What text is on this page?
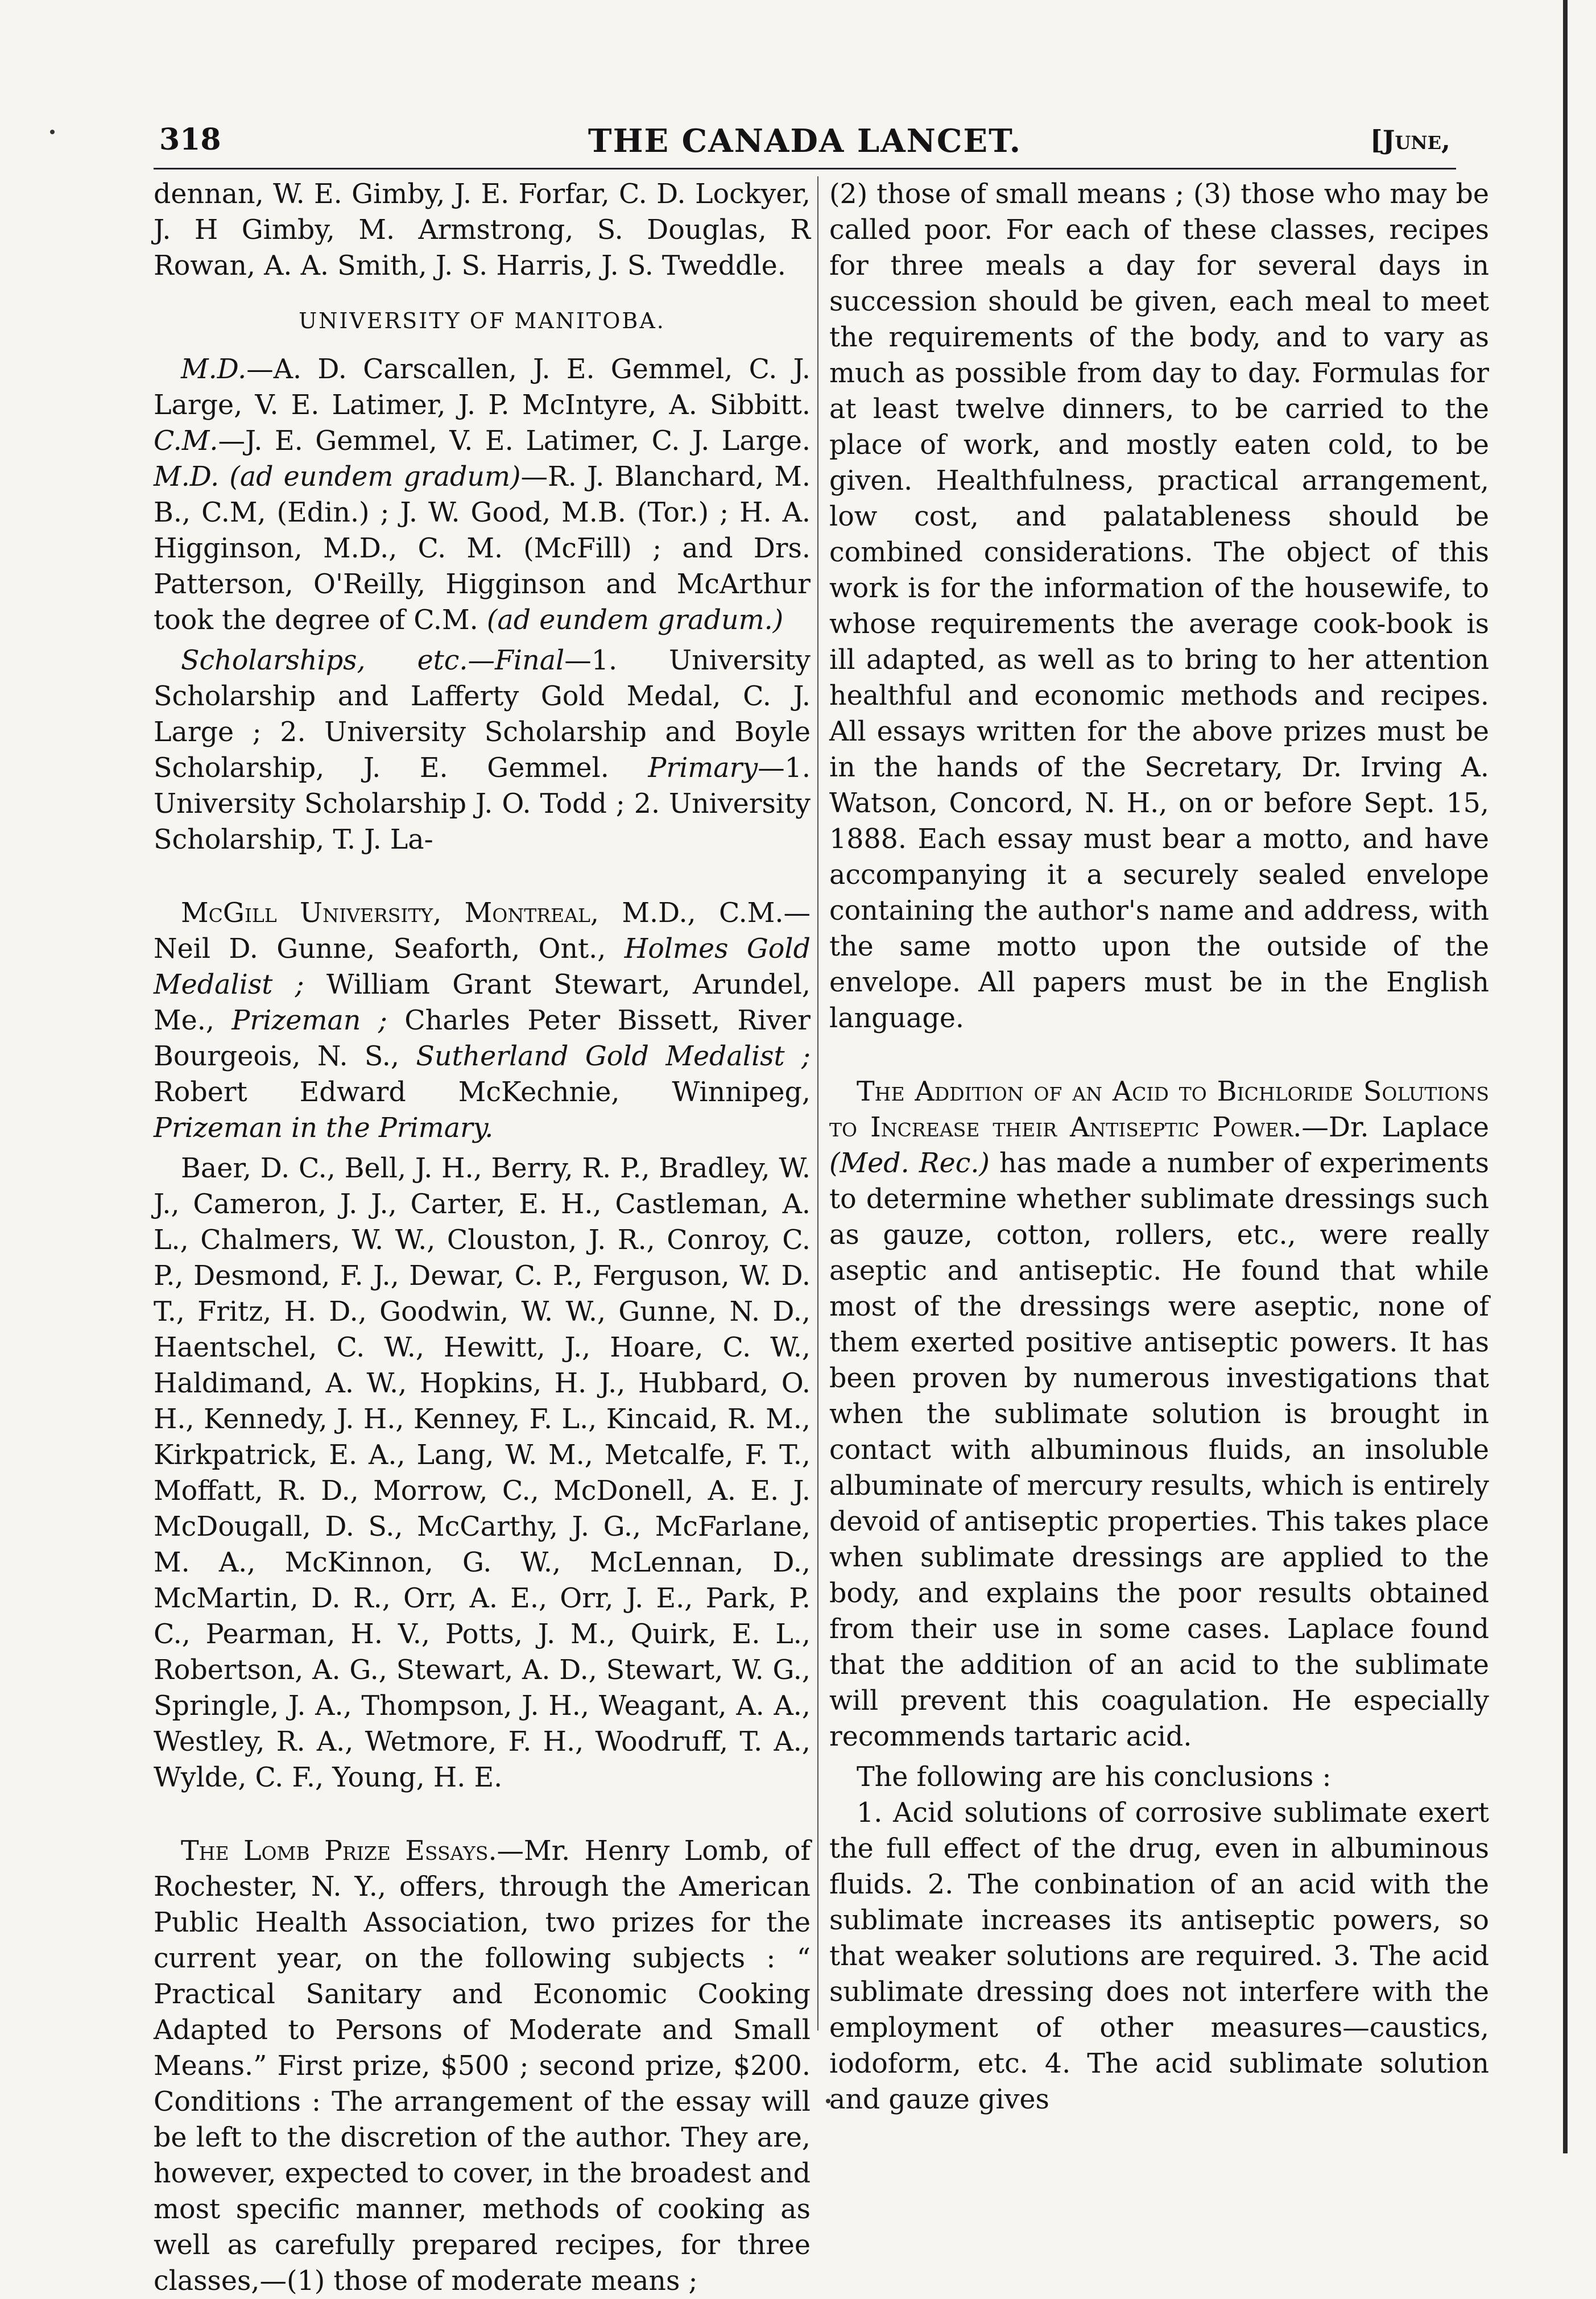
318	THE CANADA LANCET.	[June,

dennan, W. E. Gimby, J. E. Forfar, C. D. Lockyer, J. H Gimby, M. Armstrong, S. Douglas, R Rowan, A. A. Smith, J. S. Harris, J. S. Tweddle.

UNIVERSITY OF MANITOBA.

M.D.—A. D. Carscallen, J. E. Gemmel, C. J. Large, V. E. Latimer, J. P. McIntyre, A. Sibbitt. C.M.—J. E. Gemmel, V. E. Latimer, C. J. Large. M.D. (ad eundem gradum)—R. J. Blanchard, M. B., C.M, (Edin.) ; J. W. Good, M.B. (Tor.) ; H. A. Higginson, M.D., C. M. (McFill) ; and Drs. Patterson, O'Reilly, Higginson and McArthur took the degree of C.M. (ad eundem gradum.)

Scholarships, etc.—Final—1. University Scholarship and Lafferty Gold Medal, C. J. Large ; 2. University Scholarship and Boyle Scholarship, J. E. Gemmel. Primary—1. University Scholarship J. O. Todd ; 2. University Scholarship, T. J. La-

McGill University, Montreal, M.D., C.M.— Neil D. Gunne, Seaforth, Ont., Holmes Gold Medalist ; William Grant Stewart, Arundel, Me., Prizeman ; Charles Peter Bissett, River Bourgeois, N. S., Sutherland Gold Medalist ; Robert Edward McKechnie, Winnipeg, Prizeman in the Primary.

Baer, D. C., Bell, J. H., Berry, R. P., Bradley, W. J., Cameron, J. J., Carter, E. H., Castleman, A. L., Chalmers, W. W., Clouston, J. R., Conroy, C. P., Desmond, F. J., Dewar, C. P., Ferguson, W. D. T., Fritz, H. D., Goodwin, W. W., Gunne, N. D., Haentschel, C. W., Hewitt, J., Hoare, C. W., Haldimand, A. W., Hopkins, H. J., Hubbard, O. H., Kennedy, J. H., Kenney, F. L., Kincaid, R. M., Kirkpatrick, E. A., Lang, W. M., Metcalfe, F. T., Moffatt, R. D., Morrow, C., McDonell, A. E. J. McDougall, D. S., McCarthy, J. G., McFarlane, M. A., McKinnon, G. W., McLennan, D., McMartin, D. R., Orr, A. E., Orr, J. E., Park, P. C., Pearman, H. V., Potts, J. M., Quirk, E. L., Robertson, A. G., Stewart, A. D., Stewart, W. G., Springle, J. A., Thompson, J. H., Weagant, A. A., Westley, R. A., Wetmore, F. H., Woodruff, T. A., Wylde, C. F., Young, H. E.

The Lomb Prize Essays.—Mr. Henry Lomb, of Rochester, N. Y., offers, through the American Public Health Association, two prizes for the current year, on the following subjects : “ Practical Sanitary and Economic Cooking Adapted to Persons of Moderate and Small Means.” First prize, $500 ; second prize, $200. Conditions : The arrangement of the essay will be left to the discretion of the author. They are, however, expected to cover, in the broadest and most specific manner, methods of cooking as well as carefully prepared recipes, for three classes,—(1) those of moderate means ;

(2) those of small means ; (3) those who may be called poor. For each of these classes, recipes for three meals a day for several days in succession should be given, each meal to meet the requirements of the body, and to vary as much as possible from day to day. Formulas for at least twelve dinners, to be carried to the place of work, and mostly eaten cold, to be given. Healthfulness, practical arrangement, low cost, and palatableness should be combined considerations. The object of this work is for the information of the housewife, to whose requirements the average cook-book is ill adapted, as well as to bring to her attention healthful and economic methods and recipes. All essays written for the above prizes must be in the hands of the Secretary, Dr. Irving A. Watson, Concord, N. H., on or before Sept. 15, 1888. Each essay must bear a motto, and have accompanying it a securely sealed envelope containing the author's name and address, with the same motto upon the outside of the envelope. All papers must be in the English language.

The Addition of an Acid to Bichloride Solutions to Increase their Antiseptic Power.—Dr. Laplace (Med. Rec.) has made a number of experiments to determine whether sublimate dressings such as gauze, cotton, rollers, etc., were really aseptic and antiseptic. He found that while most of the dressings were aseptic, none of them exerted positive antiseptic powers. It has been proven by numerous investigations that when the sublimate solution is brought in contact with albuminous fluids, an insoluble albuminate of mercury results, which is entirely devoid of antiseptic properties. This takes place when sublimate dressings are applied to the body, and explains the poor results obtained from their use in some cases. Laplace found that the addition of an acid to the sublimate will prevent this coagulation. He especially recommends tartaric acid.

The following are his conclusions :

1. Acid solutions of corrosive sublimate exert the full effect of the drug, even in albuminous fluids. 2. The conbination of an acid with the sublimate increases its antiseptic powers, so that weaker solutions are required. 3. The acid sublimate dressing does not interfere with the employment of other measures—caustics, iodoform, etc. 4. The acid sublimate solution and gauze gives
